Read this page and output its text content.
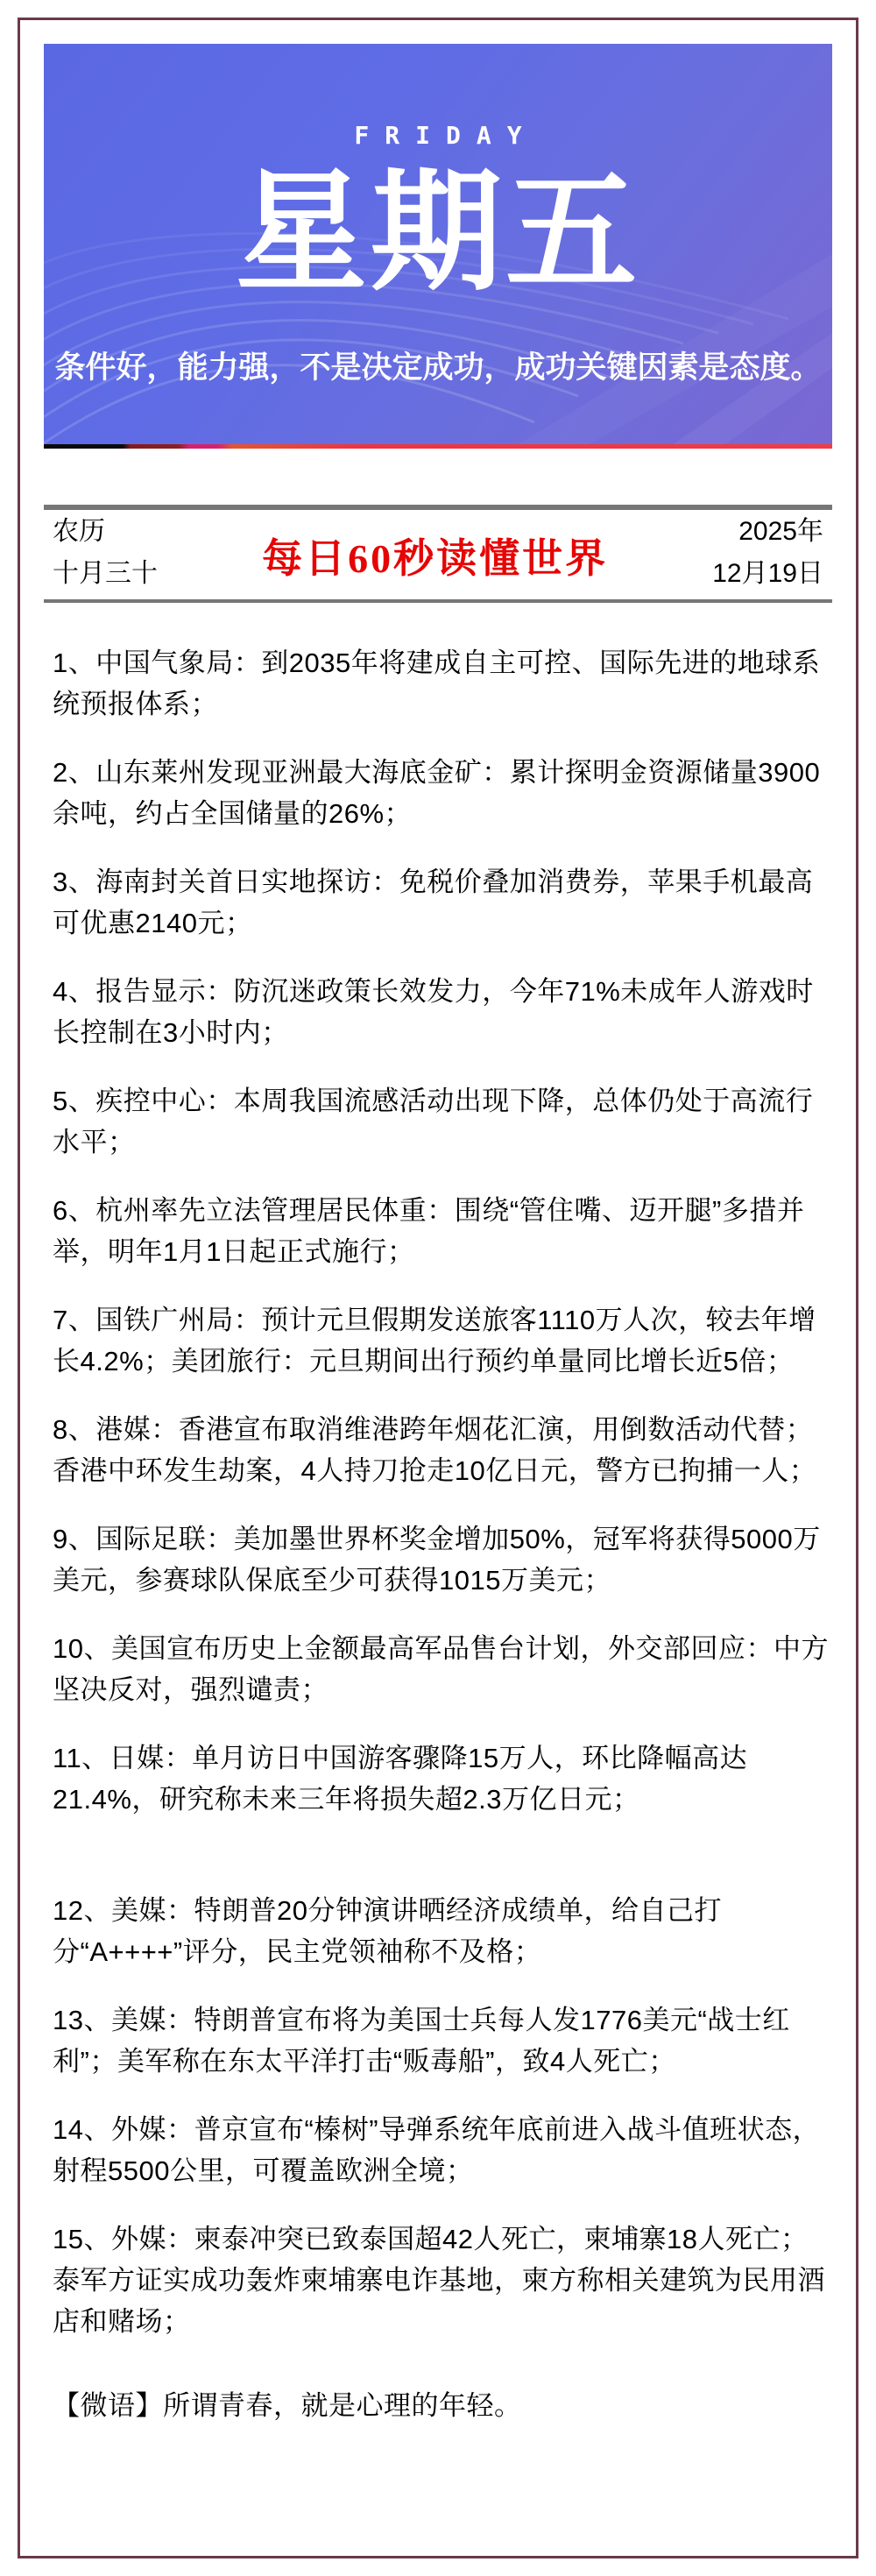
FRIDAY
星期五
条件好，能力强，不是决定成功，成功关键因素是态度。
农历
十月三十	每日60秒读懂世界
2025年
12月19日

1、中国气象局：到2035年将建成自主可控、国际先进的地球系统预报体系；

2、山东莱州发现亚洲最大海底金矿：累计探明金资源储量3900余吨，约占全国储量的26%；

3、海南封关首日实地探访：免税价叠加消费券，苹果手机最高可优惠2140元；

4、报告显示：防沉迷政策长效发力，今年71%未成年人游戏时长控制在3小时内；

5、疾控中心：本周我国流感活动出现下降，总体仍处于高流行水平；

6、杭州率先立法管理居民体重：围绕“管住嘴、迈开腿”多措并举，明年1月1日起正式施行；

7、国铁广州局：预计元旦假期发送旅客1110万人次，较去年增长4.2%；美团旅行：元旦期间出行预约单量同比增长近5倍；

8、港媒：香港宣布取消维港跨年烟花汇演，用倒数活动代替；香港中环发生劫案，4人持刀抢走10亿日元，警方已拘捕一人；

9、国际足联：美加墨世界杯奖金增加50%，冠军将获得5000万美元，参赛球队保底至少可获得1015万美元；

10、美国宣布历史上金额最高军品售台计划，外交部回应：中方坚决反对，强烈谴责；

11、日媒：单月访日中国游客骤降15万人，环比降幅高达21.4%，研究称未来三年将损失超2.3万亿日元；

12、美媒：特朗普20分钟演讲晒经济成绩单，给自己打分“A++++”评分，民主党领袖称不及格；

13、美媒：特朗普宣布将为美国士兵每人发1776美元“战士红利”；美军称在东太平洋打击“贩毒船”，致4人死亡；

14、外媒：普京宣布“榛树”导弹系统年底前进入战斗值班状态，射程5500公里，可覆盖欧洲全境；

15、外媒：柬泰冲突已致泰国超42人死亡，柬埔寨18人死亡；泰军方证实成功轰炸柬埔寨电诈基地，柬方称相关建筑为民用酒店和赌场；

【微语】所谓青春，就是心理的年轻。
